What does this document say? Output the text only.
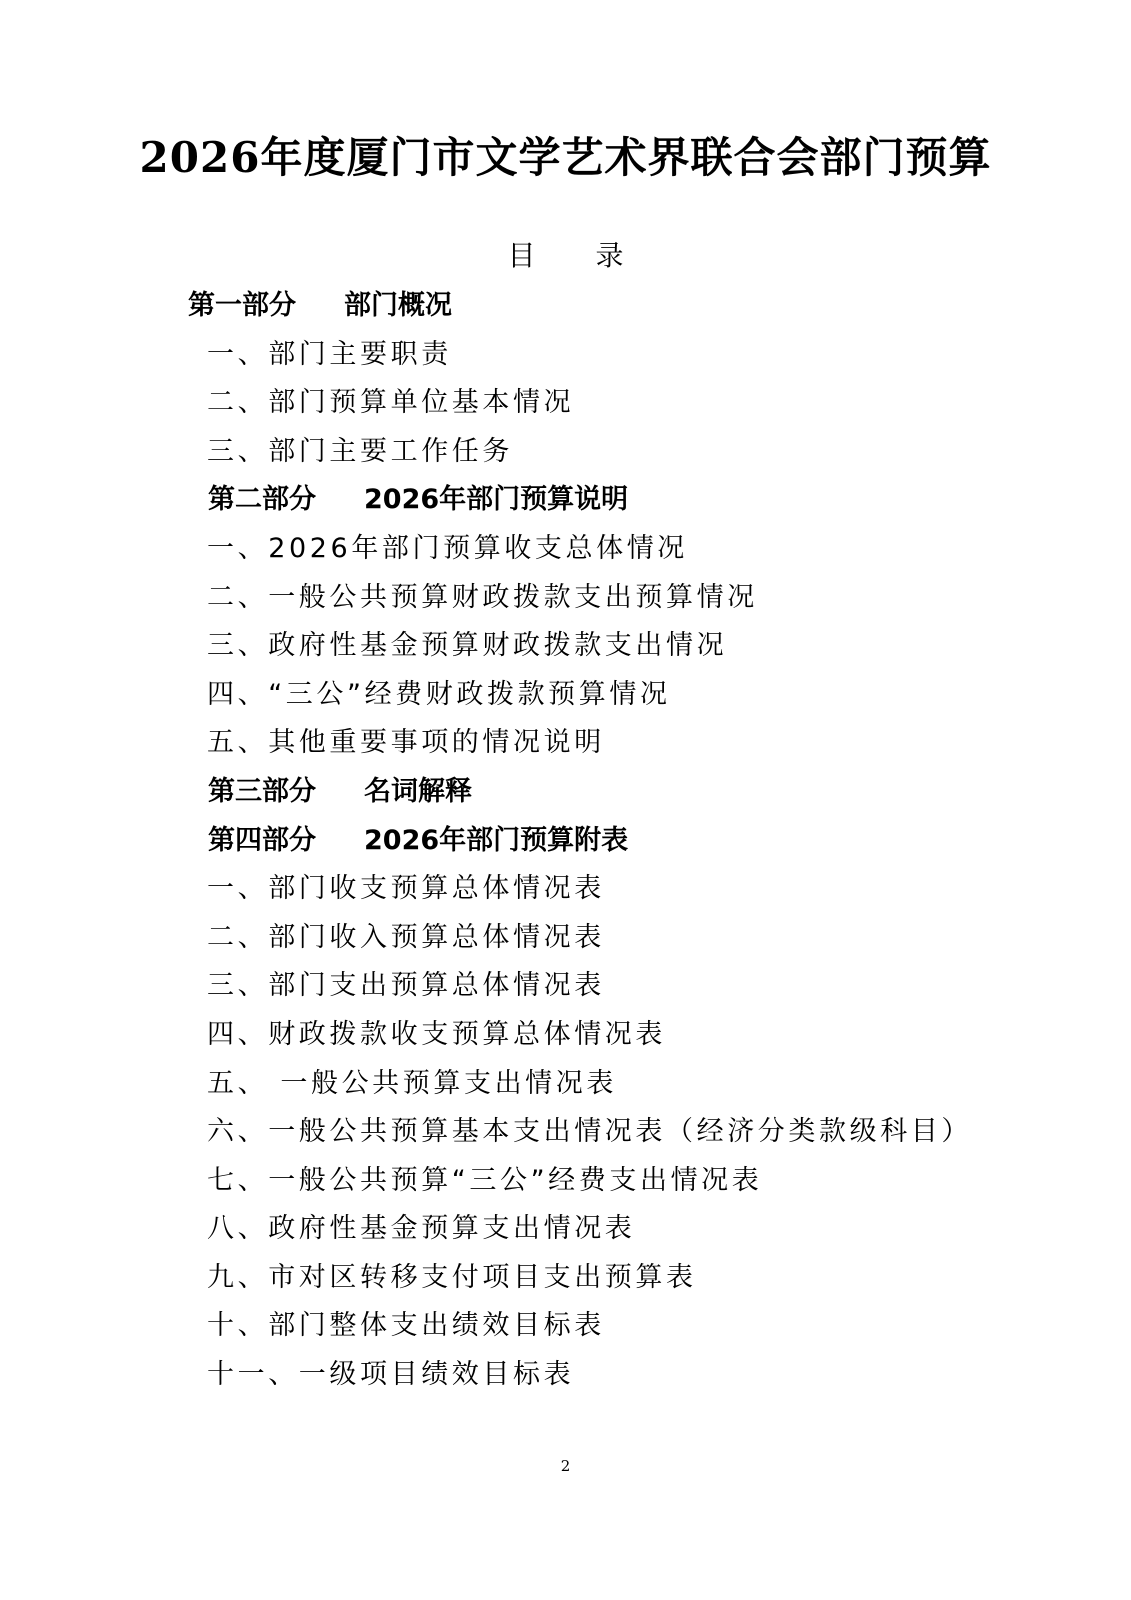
2026年度厦门市文学艺术界联合会部门预算
目 录
第一部分 部门概况
一、部门主要职责
二、部门预算单位基本情况
三、部门主要工作任务
第二部分 2026年部门预算说明
一、2026年部门预算收支总体情况
二、一般公共预算财政拨款支出预算情况
三、政府性基金预算财政拨款支出情况
四、“三公”经费财政拨款预算情况
五、其他重要事项的情况说明
第三部分 名词解释
第四部分 2026年部门预算附表
一、部门收支预算总体情况表
二、部门收入预算总体情况表
三、部门支出预算总体情况表
四、财政拨款收支预算总体情况表
五、 一般公共预算支出情况表
六、一般公共预算基本支出情况表（经济分类款级科目）
七、一般公共预算“三公”经费支出情况表
八、政府性基金预算支出情况表
九、市对区转移支付项目支出预算表
十、部门整体支出绩效目标表
十一、一级项目绩效目标表
2
